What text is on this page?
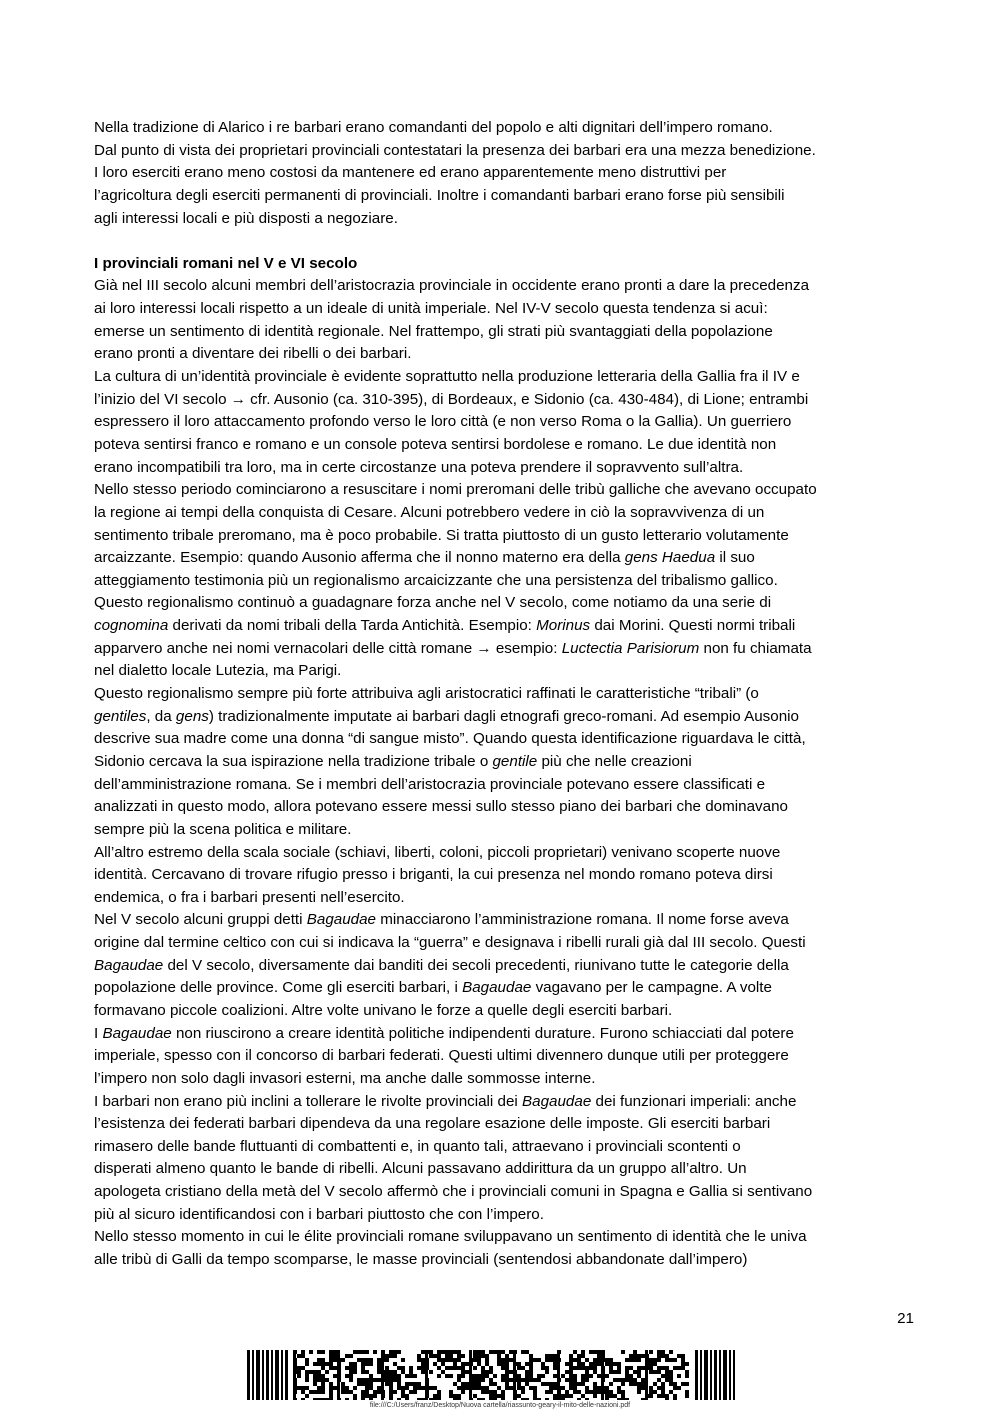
Nella tradizione di Alarico i re barbari erano comandanti del popolo e alti dignitari dell’impero romano.
Dal punto di vista dei proprietari provinciali contestatari la presenza dei barbari era una mezza benedizione.
I loro eserciti erano meno costosi da mantenere ed erano apparentemente meno distruttivi per
l’agricoltura degli eserciti permanenti di provinciali. Inoltre i comandanti barbari erano forse più sensibili
agli interessi locali e più disposti a negoziare.
I provinciali romani nel V e VI secolo
Già nel III secolo alcuni membri dell’aristocrazia provinciale in occidente erano pronti a dare la precedenza
ai loro interessi locali rispetto a un ideale di unità imperiale. Nel IV-V secolo questa tendenza si acuì:
emerse un sentimento di identità regionale. Nel frattempo, gli strati più svantaggiati della popolazione
erano pronti a diventare dei ribelli o dei barbari.
La cultura di un’identità provinciale è evidente soprattutto nella produzione letteraria della Gallia fra il IV e
l’inizio del VI secolo → cfr. Ausonio (ca. 310-395), di Bordeaux, e Sidonio (ca. 430-484), di Lione; entrambi
espressero il loro attaccamento profondo verso le loro città (e non verso Roma o la Gallia). Un guerriero
poteva sentirsi franco e romano e un console poteva sentirsi bordolese e romano. Le due identità non
erano incompatibili tra loro, ma in certe circostanze una poteva prendere il sopravvento sull’altra.
Nello stesso periodo cominciarono a resuscitare i nomi preromani delle tribù galliche che avevano occupato
la regione ai tempi della conquista di Cesare. Alcuni potrebbero vedere in ciò la sopravvivenza di un
sentimento tribale preromano, ma è poco probabile. Si tratta piuttosto di un gusto letterario volutamente
arcaizzante. Esempio: quando Ausonio afferma che il nonno materno era della gens Haedua il suo
atteggiamento testimonia più un regionalismo arcaicizzante che una persistenza del tribalismo gallico.
Questo regionalismo continuò a guadagnare forza anche nel V secolo, come notiamo da una serie di
cognomina derivati da nomi tribali della Tarda Antichità. Esempio: Morinus dai Morini. Questi normi tribali
apparvero anche nei nomi vernacolari delle città romane → esempio: Luctectia Parisiorum non fu chiamata
nel dialetto locale Lutezia, ma Parigi.
Questo regionalismo sempre più forte attribuiva agli aristocratici raffinati le caratteristiche “tribali” (o
gentiles, da gens) tradizionalmente imputate ai barbari dagli etnografi greco-romani. Ad esempio Ausonio
descrive sua madre come una donna “di sangue misto”. Quando questa identificazione riguardava le città,
Sidonio cercava la sua ispirazione nella tradizione tribale o gentile più che nelle creazioni
dell’amministrazione romana. Se i membri dell’aristocrazia provinciale potevano essere classificati e
analizzati in questo modo, allora potevano essere messi sullo stesso piano dei barbari che dominavano
sempre più la scena politica e militare.
All’altro estremo della scala sociale (schiavi, liberti, coloni, piccoli proprietari) venivano scoperte nuove
identità. Cercavano di trovare rifugio presso i briganti, la cui presenza nel mondo romano poteva dirsi
endemica, o fra i barbari presenti nell’esercito.
Nel V secolo alcuni gruppi detti Bagaudae minacciarono l’amministrazione romana. Il nome forse aveva
origine dal termine celtico con cui si indicava la “guerra” e designava i ribelli rurali già dal III secolo. Questi
Bagaudae del V secolo, diversamente dai banditi dei secoli precedenti, riunivano tutte le categorie della
popolazione delle province. Come gli eserciti barbari, i Bagaudae vagavano per le campagne. A volte
formavano piccole coalizioni. Altre volte univano le forze a quelle degli eserciti barbari.
I Bagaudae non riuscirono a creare identità politiche indipendenti durature. Furono schiacciati dal potere
imperiale, spesso con il concorso di barbari federati. Questi ultimi divennero dunque utili per proteggere
l’impero non solo dagli invasori esterni, ma anche dalle sommosse interne.
I barbari non erano più inclini a tollerare le rivolte provinciali dei Bagaudae dei funzionari imperiali: anche
l’esistenza dei federati barbari dipendeva da una regolare esazione delle imposte. Gli eserciti barbari
rimasero delle bande fluttuanti di combattenti e, in quanto tali, attraevano i provinciali scontenti o
disperati almeno quanto le bande di ribelli. Alcuni passavano addirittura da un gruppo all’altro. Un
apologeta cristiano della metà del V secolo affermò che i provinciali comuni in Spagna e Gallia si sentivano
più al sicuro identificandosi con i barbari piuttosto che con l’impero.
Nello stesso momento in cui le élite provinciali romane sviluppavano un sentimento di identità che le univa
alle tribù di Galli da tempo scomparse, le masse provinciali (sentendosi abbandonate dall’impero)
21
file:///C:/Users/franz/Desktop/Nuova cartella/riassunto-geary-il-mito-delle-nazioni.pdf
